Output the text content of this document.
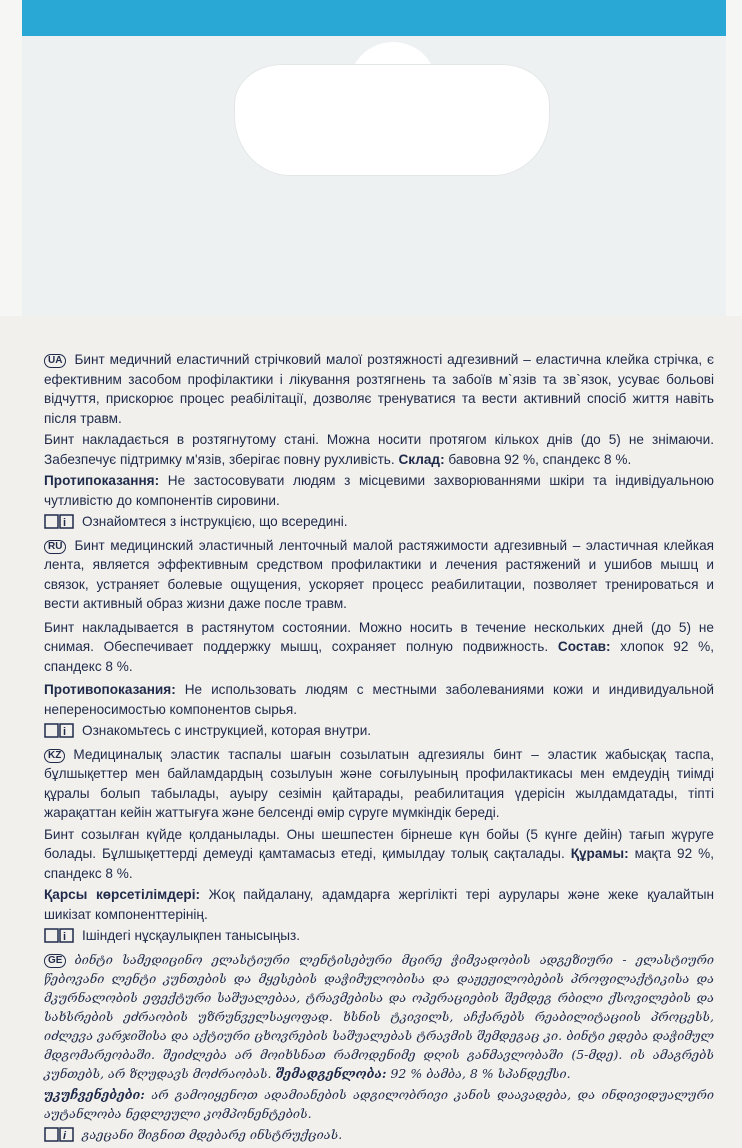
UA Бинт медичний еластичний стрічковий малої розтяжності адгезивний – еластична клейка стрічка, є ефективним засобом профілактики і лікування розтягнень та забоїв м`язів та зв`язок, усуває больові відчуття, прискорює процес реабілітації, дозволяє тренуватися та вести активний спосіб життя навіть після травм.

Бинт накладається в розтягнутому стані. Можна носити протягом кількох днів (до 5) не знімаючи. Забезпечує підтримку м'язів, зберігає повну рухливість. Склад: бавовна 92 %, спандекс 8 %.

Протипоказання: Не застосовувати людям з місцевими захворюваннями шкіри та індивідуальною чутливістю до компонентів сировини.

i Ознайомтеся з інструкцією, що всередині.

RU Бинт медицинский эластичный ленточный малой растяжимости адгезивный – эластичная клейкая лента, является эффективным средством профилактики и лечения растяжений и ушибов мышц и связок, устраняет болевые ощущения, ускоряет процесс реабилитации, позволяет тренироваться и вести активный образ жизни даже после травм.

Бинт накладывается в растянутом состоянии. Можно носить в течение нескольких дней (до 5) не снимая. Обеспечивает поддержку мышц, сохраняет полную подвижность. Состав: хлопок 92 %, спандекс 8 %.

Противопоказания: Не использовать людям с местными заболеваниями кожи и индивидуальной непереносимостью компонентов сырья.

i Ознакомьтесь с инструкцией, которая внутри.

KZ Медициналық эластик таспалы шағын созылатын адгезиялы бинт – эластик жабысқақ таспа, бұлшықеттер мен байламдардың созылуын және соғылуының профилактикасы мен емдеудің тиімді құралы болып табылады, ауыру сезімін қайтарады, реабилитация үдерісін жылдамдатады, тіпті жарақаттан кейін жаттығуға және белсенді өмір сүруге мүмкіндік береді.

Бинт созылған күйде қолданылады. Оны шешпестен бірнеше күн бойы (5 күнге дейін) тағып жүруге болады. Бұлшықеттерді демеуді қамтамасыз етеді, қимылдау толық сақталады. Құрамы: мақта 92 %, спандекс 8 %.

Қарсы көрсетілімдері: Жоқ пайдалану, адамдарға жергілікті тері аурулары және жеке қуалайтын шикізат компоненттерінің.

i Ішіндегі нұсқаулықпен танысыңыз.

GE ბინტი სამედიცინო ელასტიური ლენტისებური მცირე ჭიმვადობის ადგეზიური - ელასტიური წებოვანი ლენტი კუნთების და მყესების დაჭიმულობისა და დაჟეჟილობების პროფილაქტიკისა და მკურნალობის ეფექტური საშუალებაა, ტრავმებისა და ოპერაციების შემდეგ რბილი ქსოვილების და სახსრების ეძრაობის უზრუნველსაყოფად. ხსნის ტკივილს, აჩქარებს რეაბილიტაციის პროცესს, იძლევა ვარჯიშისა და აქტიური ცხოვრების საშუალებას ტრავმის შემდეგაც კი. ბინტი ედება დაჭიმულ მდგომარეობაში. შეიძლება არ მოიხსნათ რამოდენიმე დღის განმავლობაში (5-მდე). ის ამაგრებს კუნთებს, არ ზღუდავს მოძრაობას. შემადგენლობა: 92 % ბამბა, 8 % სპანდექსი.

უკუჩვენებები: არ გამოიყენოთ ადამიანების ადგილობრივი კანის დაავადება, და ინდივიდუალური აუტანლობა ნედლეული კომპონენტების.

i გაეცანი შიგნით მდებარე ინსტრუქციას.
